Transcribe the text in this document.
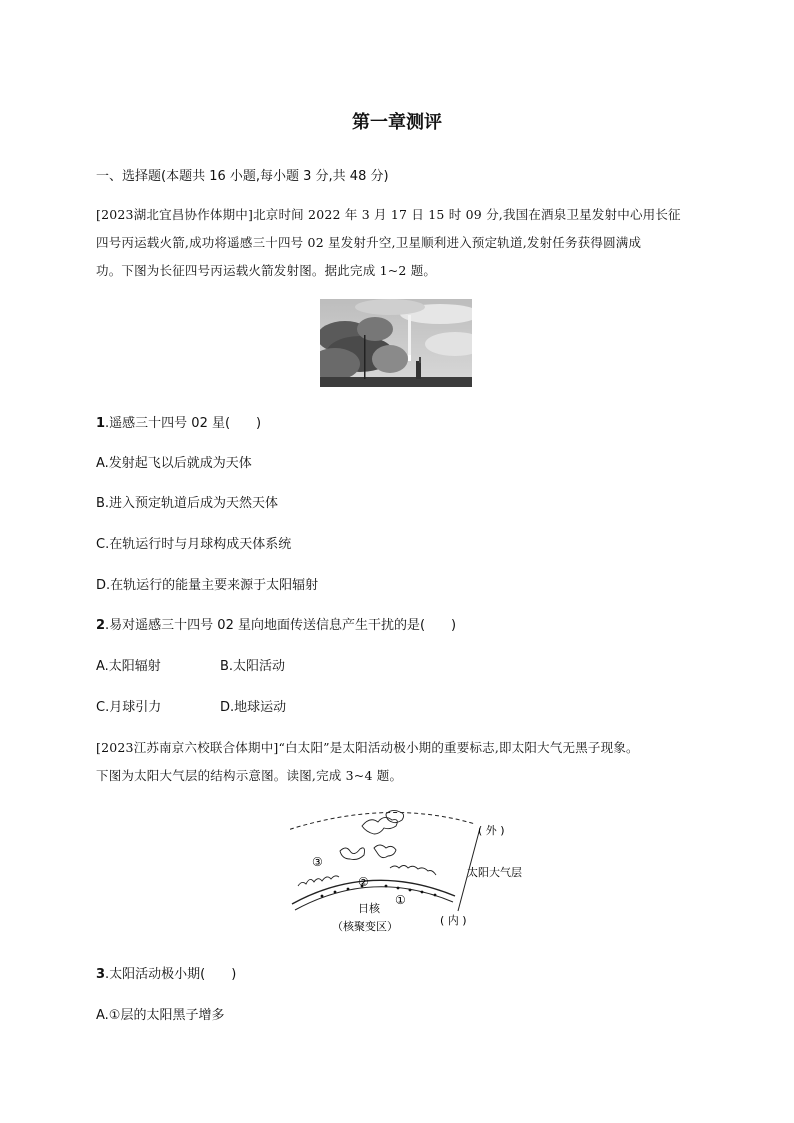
第一章测评
一、选择题(本题共 16 小题,每小题 3 分,共 48 分)
[2023湖北宜昌协作体期中]北京时间 2022 年 3 月 17 日 15 时 09 分,我国在酒泉卫星发射中心用长征
四号丙运载火箭,成功将遥感三十四号 02 星发射升空,卫星顺利进入预定轨道,发射任务获得圆满成
功。下图为长征四号丙运载火箭发射图。据此完成 1~2 题。
1.遥感三十四号 02 星(　　)
A.发射起飞以后就成为天体
B.进入预定轨道后成为天然天体
C.在轨运行时与月球构成天体系统
D.在轨运行的能量主要来源于太阳辐射
2.易对遥感三十四号 02 星向地面传送信息产生干扰的是(　　)
A.太阳辐射	B.太阳活动
C.月球引力	D.地球运动
[2023江苏南京六校联合体期中]“白太阳”是太阳活动极小期的重要标志,即太阳大气无黑子现象。
下图为太阳大气层的结构示意图。读图,完成 3~4 题。
( 外 )
太阳大气层
( 内 )
日核
（核聚变区）
①
②
③
3.太阳活动极小期(　　)
A.①层的太阳黑子增多
